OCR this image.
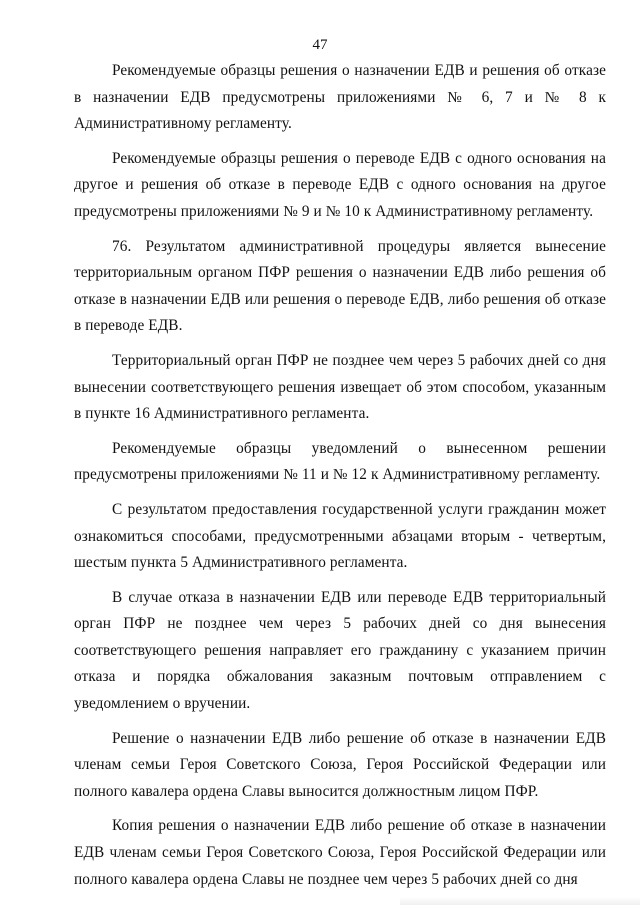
47

Рекомендуемые образцы решения о назначении ЕДВ и решения об отказе в назначении ЕДВ предусмотрены приложениями № 6, 7 и № 8 к Административному регламенту.

Рекомендуемые образцы решения о переводе ЕДВ с одного основания на другое и решения об отказе в переводе ЕДВ с одного основания на другое предусмотрены приложениями № 9 и № 10 к Административному регламенту.

76. Результатом административной процедуры является вынесение территориальным органом ПФР решения о назначении ЕДВ либо решения об отказе в назначении ЕДВ или решения о переводе ЕДВ, либо решения об отказе в переводе ЕДВ.

Территориальный орган ПФР не позднее чем через 5 рабочих дней со дня вынесении соответствующего решения извещает об этом способом, указанным в пункте 16 Административного регламента.

Рекомендуемые образцы уведомлений о вынесенном решении предусмотрены приложениями № 11 и № 12 к Административному регламенту.

С результатом предоставления государственной услуги гражданин может ознакомиться способами, предусмотренными абзацами вторым - четвертым, шестым пункта 5 Административного регламента.

В случае отказа в назначении ЕДВ или переводе ЕДВ территориальный орган ПФР не позднее чем через 5 рабочих дней со дня вынесения соответствующего решения направляет его гражданину с указанием причин отказа и порядка обжалования заказным почтовым отправлением с уведомлением о вручении.

Решение о назначении ЕДВ либо решение об отказе в назначении ЕДВ членам семьи Героя Советского Союза, Героя Российской Федерации или полного кавалера ордена Славы выносится должностным лицом ПФР.

Копия решения о назначении ЕДВ либо решение об отказе в назначении ЕДВ членам семьи Героя Советского Союза, Героя Российской Федерации или полного кавалера ордена Славы не позднее чем через 5 рабочих дней со дня
